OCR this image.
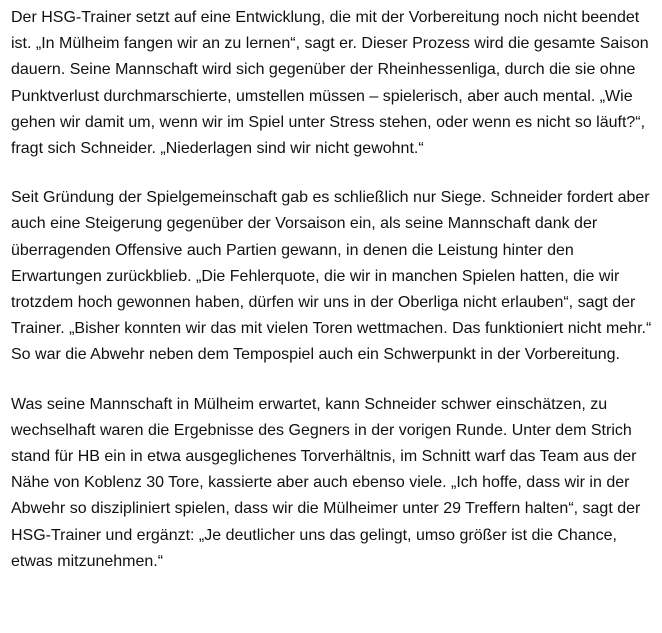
Der HSG-Trainer setzt auf eine Entwicklung, die mit der Vorbereitung noch nicht beendet ist. „In Mülheim fangen wir an zu lernen“, sagt er. Dieser Prozess wird die gesamte Saison dauern. Seine Mannschaft wird sich gegenüber der Rheinhessenliga, durch die sie ohne Punktverlust durchmarschierte, umstellen müssen – spielerisch, aber auch mental. „Wie gehen wir damit um, wenn wir im Spiel unter Stress stehen, oder wenn es nicht so läuft?“, fragt sich Schneider. „Niederlagen sind wir nicht gewohnt.“

Seit Gründung der Spielgemeinschaft gab es schließlich nur Siege. Schneider fordert aber auch eine Steigerung gegenüber der Vorsaison ein, als seine Mannschaft dank der überragenden Offensive auch Partien gewann, in denen die Leistung hinter den Erwartungen zurückblieb. „Die Fehlerquote, die wir in manchen Spielen hatten, die wir trotzdem hoch gewonnen haben, dürfen wir uns in der Oberliga nicht erlauben“, sagt der Trainer. „Bisher konnten wir das mit vielen Toren wettmachen. Das funktioniert nicht mehr.“ So war die Abwehr neben dem Tempospiel auch ein Schwerpunkt in der Vorbereitung.

Was seine Mannschaft in Mülheim erwartet, kann Schneider schwer einschätzen, zu wechselhaft waren die Ergebnisse des Gegners in der vorigen Runde. Unter dem Strich stand für HB ein in etwa ausgeglichenes Torverhältnis, im Schnitt warf das Team aus der Nähe von Koblenz 30 Tore, kassierte aber auch ebenso viele. „Ich hoffe, dass wir in der Abwehr so diszipliniert spielen, dass wir die Mülheimer unter 29 Treffern halten“, sagt der HSG-Trainer und ergänzt: „Je deutlicher uns das gelingt, umso größer ist die Chance, etwas mitzunehmen.“
